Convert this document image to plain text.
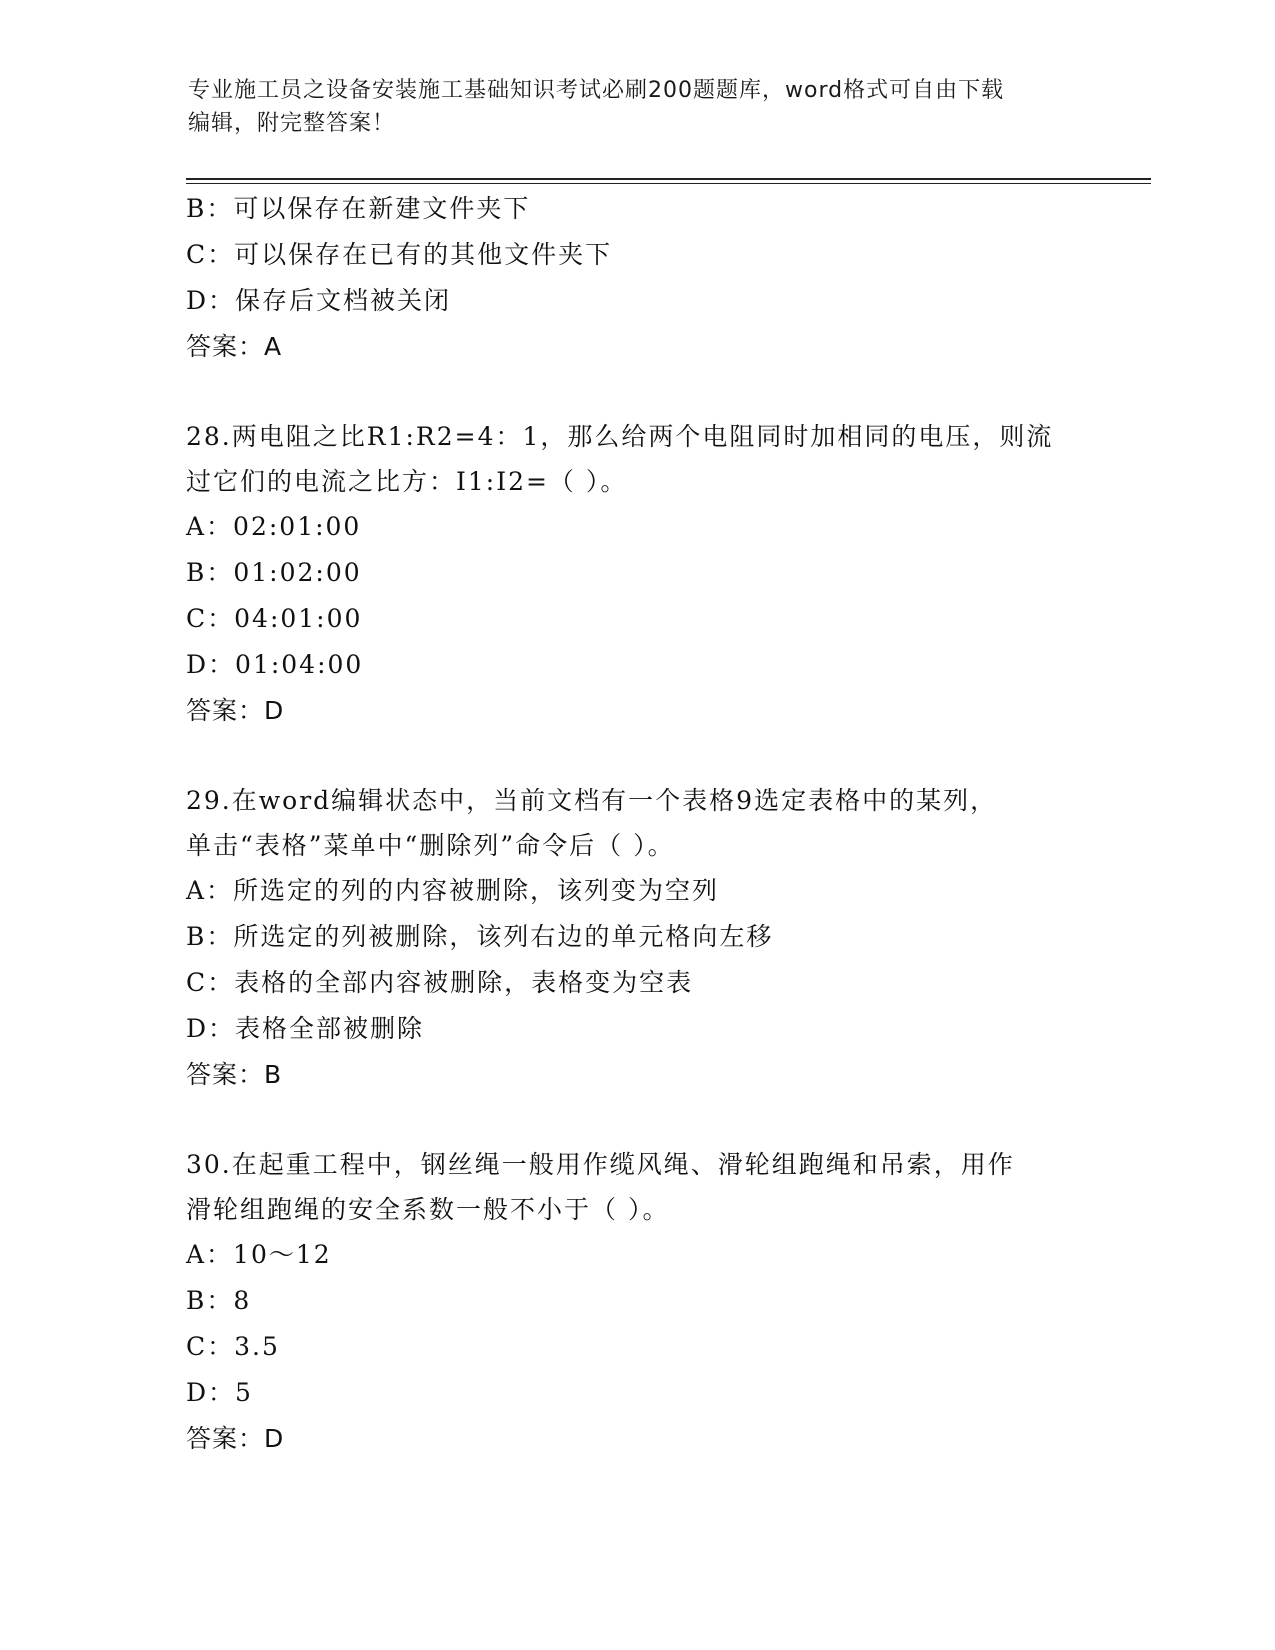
专业施工员之设备安装施工基础知识考试必刷200题题库，word格式可自由下载
编辑，附完整答案！
B：可以保存在新建文件夹下
C：可以保存在已有的其他文件夹下
D：保存后文档被关闭
答案：A
28.两电阻之比R1:R2=4：1，那么给两个电阻同时加相同的电压，则流
过它们的电流之比方：I1:I2=（ ）。
A：02:01:00
B：01:02:00
C：04:01:00
D：01:04:00
答案：D
29.在word编辑状态中，当前文档有一个表格9选定表格中的某列，
单击“表格”菜单中“删除列”命令后（ ）。
A：所选定的列的内容被删除，该列变为空列
B：所选定的列被删除，该列右边的单元格向左移
C：表格的全部内容被删除，表格变为空表
D：表格全部被删除
答案：B
30.在起重工程中，钢丝绳一般用作缆风绳、滑轮组跑绳和吊索，用作
滑轮组跑绳的安全系数一般不小于（ ）。
A：10～12
B：8
C：3.5
D：5
答案：D
